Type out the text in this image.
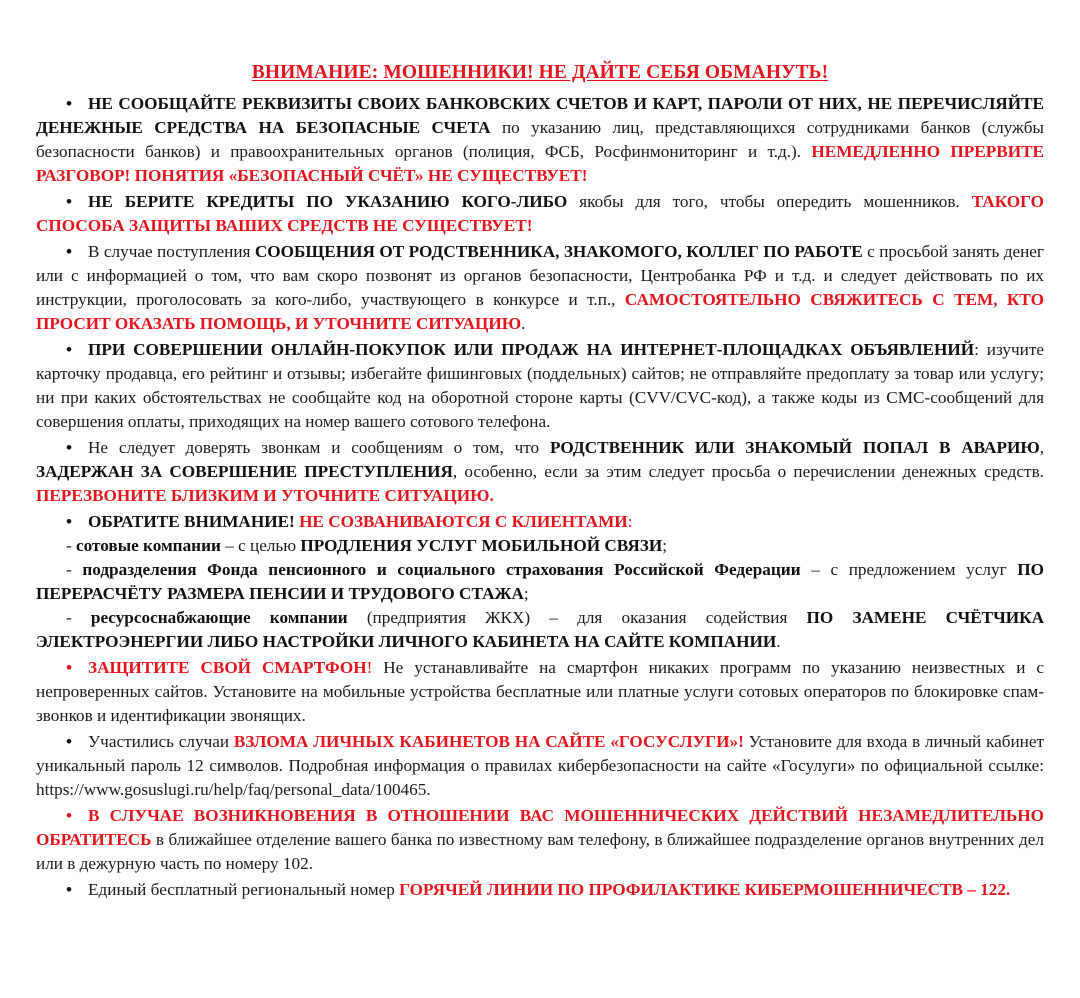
ВНИМАНИЕ: МОШЕННИКИ! НЕ ДАЙТЕ СЕБЯ ОБМАНУТЬ!

• НЕ СООБЩАЙТЕ РЕКВИЗИТЫ СВОИХ БАНКОВСКИХ СЧЕТОВ И КАРТ, ПАРОЛИ ОТ НИХ, НЕ ПЕРЕЧИСЛЯЙТЕ ДЕНЕЖНЫЕ СРЕДСТВА НА БЕЗОПАСНЫЕ СЧЕТА по указанию лиц, представляющихся сотрудниками банков (службы безопасности банков) и правоохранительных органов (полиция, ФСБ, Росфинмониторинг и т.д.). НЕМЕДЛЕННО ПРЕРВИТЕ РАЗГОВОР! ПОНЯТИЯ «БЕЗОПАСНЫЙ СЧЁТ» НЕ СУЩЕСТВУЕТ!

• НЕ БЕРИТЕ КРЕДИТЫ ПО УКАЗАНИЮ КОГО-ЛИБО якобы для того, чтобы опередить мошенников. ТАКОГО СПОСОБА ЗАЩИТЫ ВАШИХ СРЕДСТВ НЕ СУЩЕСТВУЕТ!

• В случае поступления СООБЩЕНИЯ ОТ РОДСТВЕННИКА, ЗНАКОМОГО, КОЛЛЕГ ПО РАБОТЕ с просьбой занять денег или с информацией о том, что вам скоро позвонят из органов безопасности, Центробанка РФ и т.д. и следует действовать по их инструкции, проголосовать за кого-либо, участвующего в конкурсе и т.п., САМОСТОЯТЕЛЬНО СВЯЖИТЕСЬ С ТЕМ, КТО ПРОСИТ ОКАЗАТЬ ПОМОЩЬ, И УТОЧНИТЕ СИТУАЦИЮ.

• ПРИ СОВЕРШЕНИИ ОНЛАЙН-ПОКУПОК ИЛИ ПРОДАЖ НА ИНТЕРНЕТ-ПЛОЩАДКАХ ОБЪЯВЛЕНИЙ: изучите карточку продавца, его рейтинг и отзывы; избегайте фишинговых (поддельных) сайтов; не отправляйте предоплату за товар или услугу; ни при каких обстоятельствах не сообщайте код на оборотной стороне карты (CVV/CVC-код), а также коды из СМС-сообщений для совершения оплаты, приходящих на номер вашего сотового телефона.

• Не следует доверять звонкам и сообщениям о том, что РОДСТВЕННИК ИЛИ ЗНАКОМЫЙ ПОПАЛ В АВАРИЮ, ЗАДЕРЖАН ЗА СОВЕРШЕНИЕ ПРЕСТУПЛЕНИЯ, особенно, если за этим следует просьба о перечислении денежных средств. ПЕРЕЗВОНИТЕ БЛИЗКИМ И УТОЧНИТЕ СИТУАЦИЮ.

• ОБРАТИТЕ ВНИМАНИЕ! НЕ СОЗВАНИВАЮТСЯ С КЛИЕНТАМИ:

- сотовые компании – с целью ПРОДЛЕНИЯ УСЛУГ МОБИЛЬНОЙ СВЯЗИ;

- подразделения Фонда пенсионного и социального страхования Российской Федерации – с предложением услуг ПО ПЕРЕРАСЧЁТУ РАЗМЕРА ПЕНСИИ И ТРУДОВОГО СТАЖА;

- ресурсоснабжающие компании (предприятия ЖКХ) – для оказания содействия ПО ЗАМЕНЕ СЧЁТЧИКА ЭЛЕКТРОЭНЕРГИИ ЛИБО НАСТРОЙКИ ЛИЧНОГО КАБИНЕТА НА САЙТЕ КОМПАНИИ.

• ЗАЩИТИТЕ СВОЙ СМАРТФОН! Не устанавливайте на смартфон никаких программ по указанию неизвестных и с непроверенных сайтов. Установите на мобильные устройства бесплатные или платные услуги сотовых операторов по блокировке спам-звонков и идентификации звонящих.

• Участились случаи ВЗЛОМА ЛИЧНЫХ КАБИНЕТОВ НА САЙТЕ «ГОСУСЛУГИ»! Установите для входа в личный кабинет уникальный пароль 12 символов. Подробная информация о правилах кибербезопасности на сайте «Госулуги» по официальной ссылке: https://www.gosuslugi.ru/help/faq/personal_data/100465.

• В СЛУЧАЕ ВОЗНИКНОВЕНИЯ В ОТНОШЕНИИ ВАС МОШЕННИЧЕСКИХ ДЕЙСТВИЙ НЕЗАМЕДЛИТЕЛЬНО ОБРАТИТЕСЬ в ближайшее отделение вашего банка по известному вам телефону, в ближайшее подразделение органов внутренних дел или в дежурную часть по номеру 102.

• Единый бесплатный региональный номер ГОРЯЧЕЙ ЛИНИИ ПО ПРОФИЛАКТИКЕ КИБЕРМОШЕННИЧЕСТВ – 122.
